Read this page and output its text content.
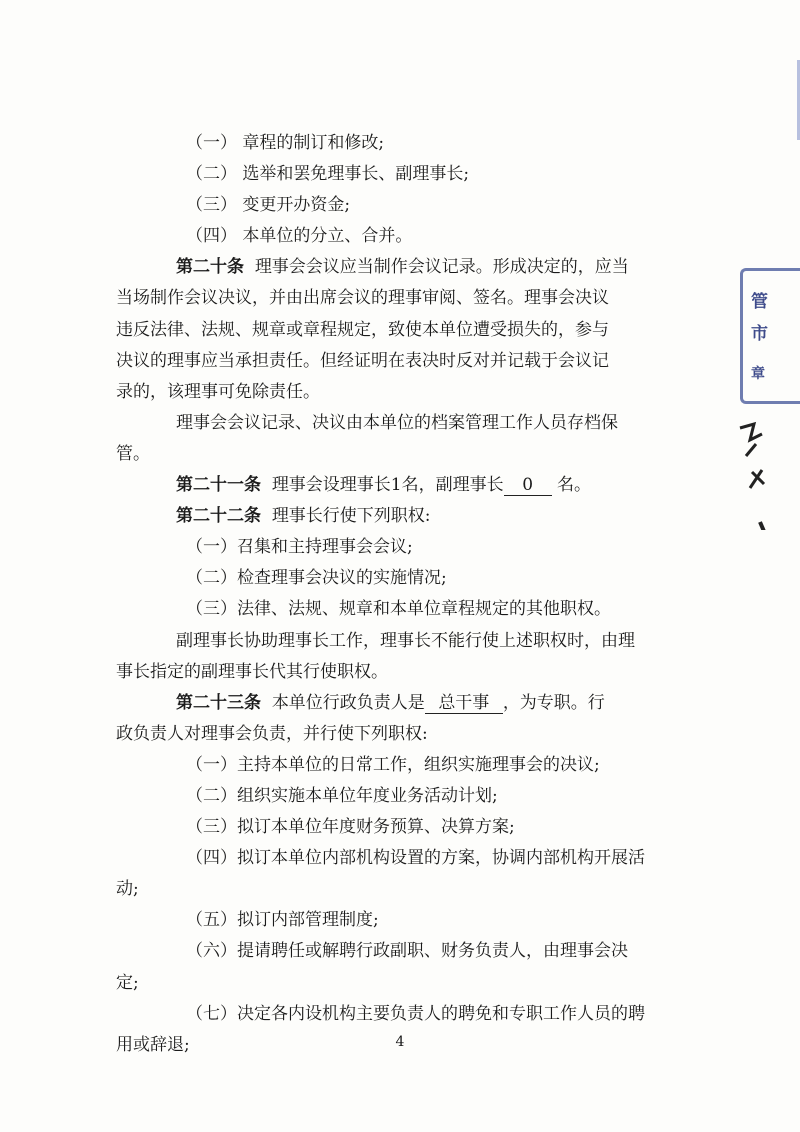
（一） 章程的制订和修改;
（二） 选举和罢免理事长、副理事长;
（三） 变更开办资金;
（四） 本单位的分立、合并。
第二十条 理事会会议应当制作会议记录。形成决定的，应当
当场制作会议决议，并由出席会议的理事审阅、签名。理事会决议
违反法律、法规、规章或章程规定，致使本单位遭受损失的，参与
决议的理事应当承担责任。但经证明在表决时反对并记载于会议记
录的，该理事可免除责任。
理事会会议记录、决议由本单位的档案管理工作人员存档保
管。
第二十一条 理事会设理事长1名，副理事长 0 名。
第二十二条 理事长行使下列职权:
（一）召集和主持理事会会议;
（二）检查理事会决议的实施情况;
（三）法律、法规、规章和本单位章程规定的其他职权。
副理事长协助理事长工作，理事长不能行使上述职权时，由理
事长指定的副理事长代其行使职权。
第二十三条 本单位行政负责人是 总干事 ，为专职。行
政负责人对理事会负责，并行使下列职权:
（一）主持本单位的日常工作，组织实施理事会的决议;
（二）组织实施本单位年度业务活动计划;
（三）拟订本单位年度财务预算、决算方案;
（四）拟订本单位内部机构设置的方案，协调内部机构开展活
动;
（五）拟订内部管理制度;
（六）提请聘任或解聘行政副职、财务负责人，由理事会决
定;
（七）决定各内设机构主要负责人的聘免和专职工作人员的聘
用或辞退;	4
管
市
章
